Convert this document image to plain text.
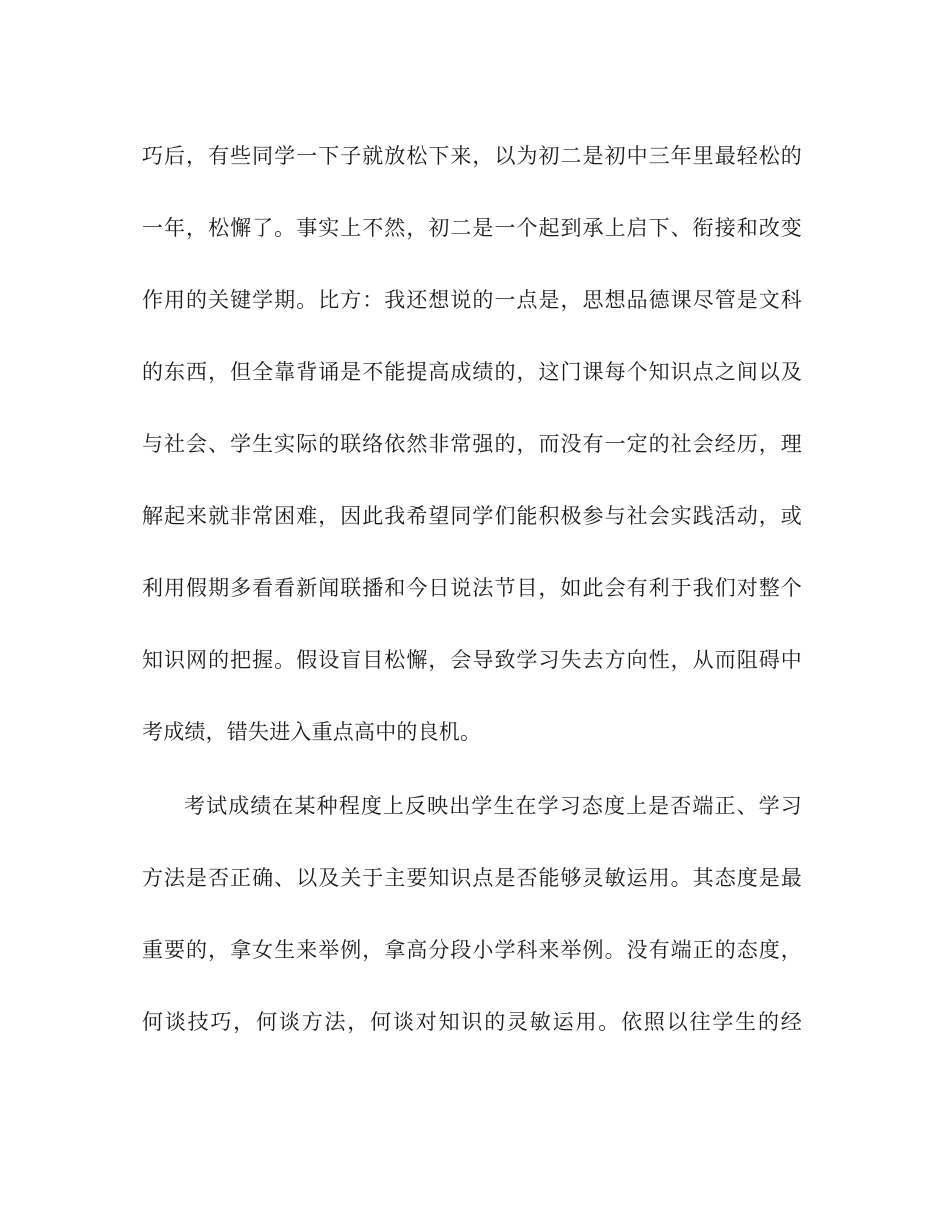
巧后，有些同学一下子就放松下来，以为初二是初中三年里最轻松的
一年，松懈了。事实上不然，初二是一个起到承上启下、衔接和改变
作用的关键学期。比方：我还想说的一点是，思想品德课尽管是文科
的东西，但全靠背诵是不能提高成绩的，这门课每个知识点之间以及
与社会、学生实际的联络依然非常强的，而没有一定的社会经历，理
解起来就非常困难，因此我希望同学们能积极参与社会实践活动，或
利用假期多看看新闻联播和今日说法节目，如此会有利于我们对整个
知识网的把握。假设盲目松懈，会导致学习失去方向性，从而阻碍中
考成绩，错失进入重点高中的良机。
考试成绩在某种程度上反映出学生在学习态度上是否端正、学习
方法是否正确、以及关于主要知识点是否能够灵敏运用。其态度是最
重要的，拿女生来举例，拿高分段小学科来举例。没有端正的态度，
何谈技巧，何谈方法，何谈对知识的灵敏运用。依照以往学生的经
